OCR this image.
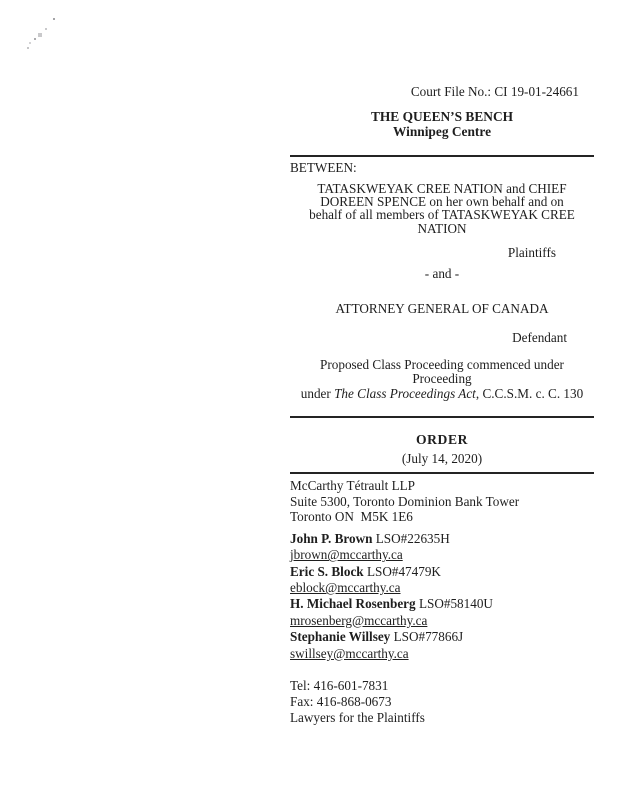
Court File No.: CI 19-01-24661
THE QUEEN’S BENCH
Winnipeg Centre
BETWEEN:
TATASKWEYAK CREE NATION and CHIEF
DOREEN SPENCE on her own behalf and on
behalf of all members of TATASKWEYAK CREE NATION
Plaintiffs
- and -
ATTORNEY GENERAL OF CANADA
Defendant
Proposed Class Proceeding commenced under Proceeding
under The Class Proceedings Act, C.C.S.M. c. C. 130
ORDER
(July 14, 2020)
McCarthy Tétrault LLP
Suite 5300, Toronto Dominion Bank Tower
Toronto ON  M5K 1E6
John P. Brown LSO#22635H
jbrown@mccarthy.ca
Eric S. Block LSO#47479K
eblock@mccarthy.ca
H. Michael Rosenberg LSO#58140U
mrosenberg@mccarthy.ca
Stephanie Willsey LSO#77866J
swillsey@mccarthy.ca
Tel: 416-601-7831
Fax: 416-868-0673
Lawyers for the Plaintiffs
